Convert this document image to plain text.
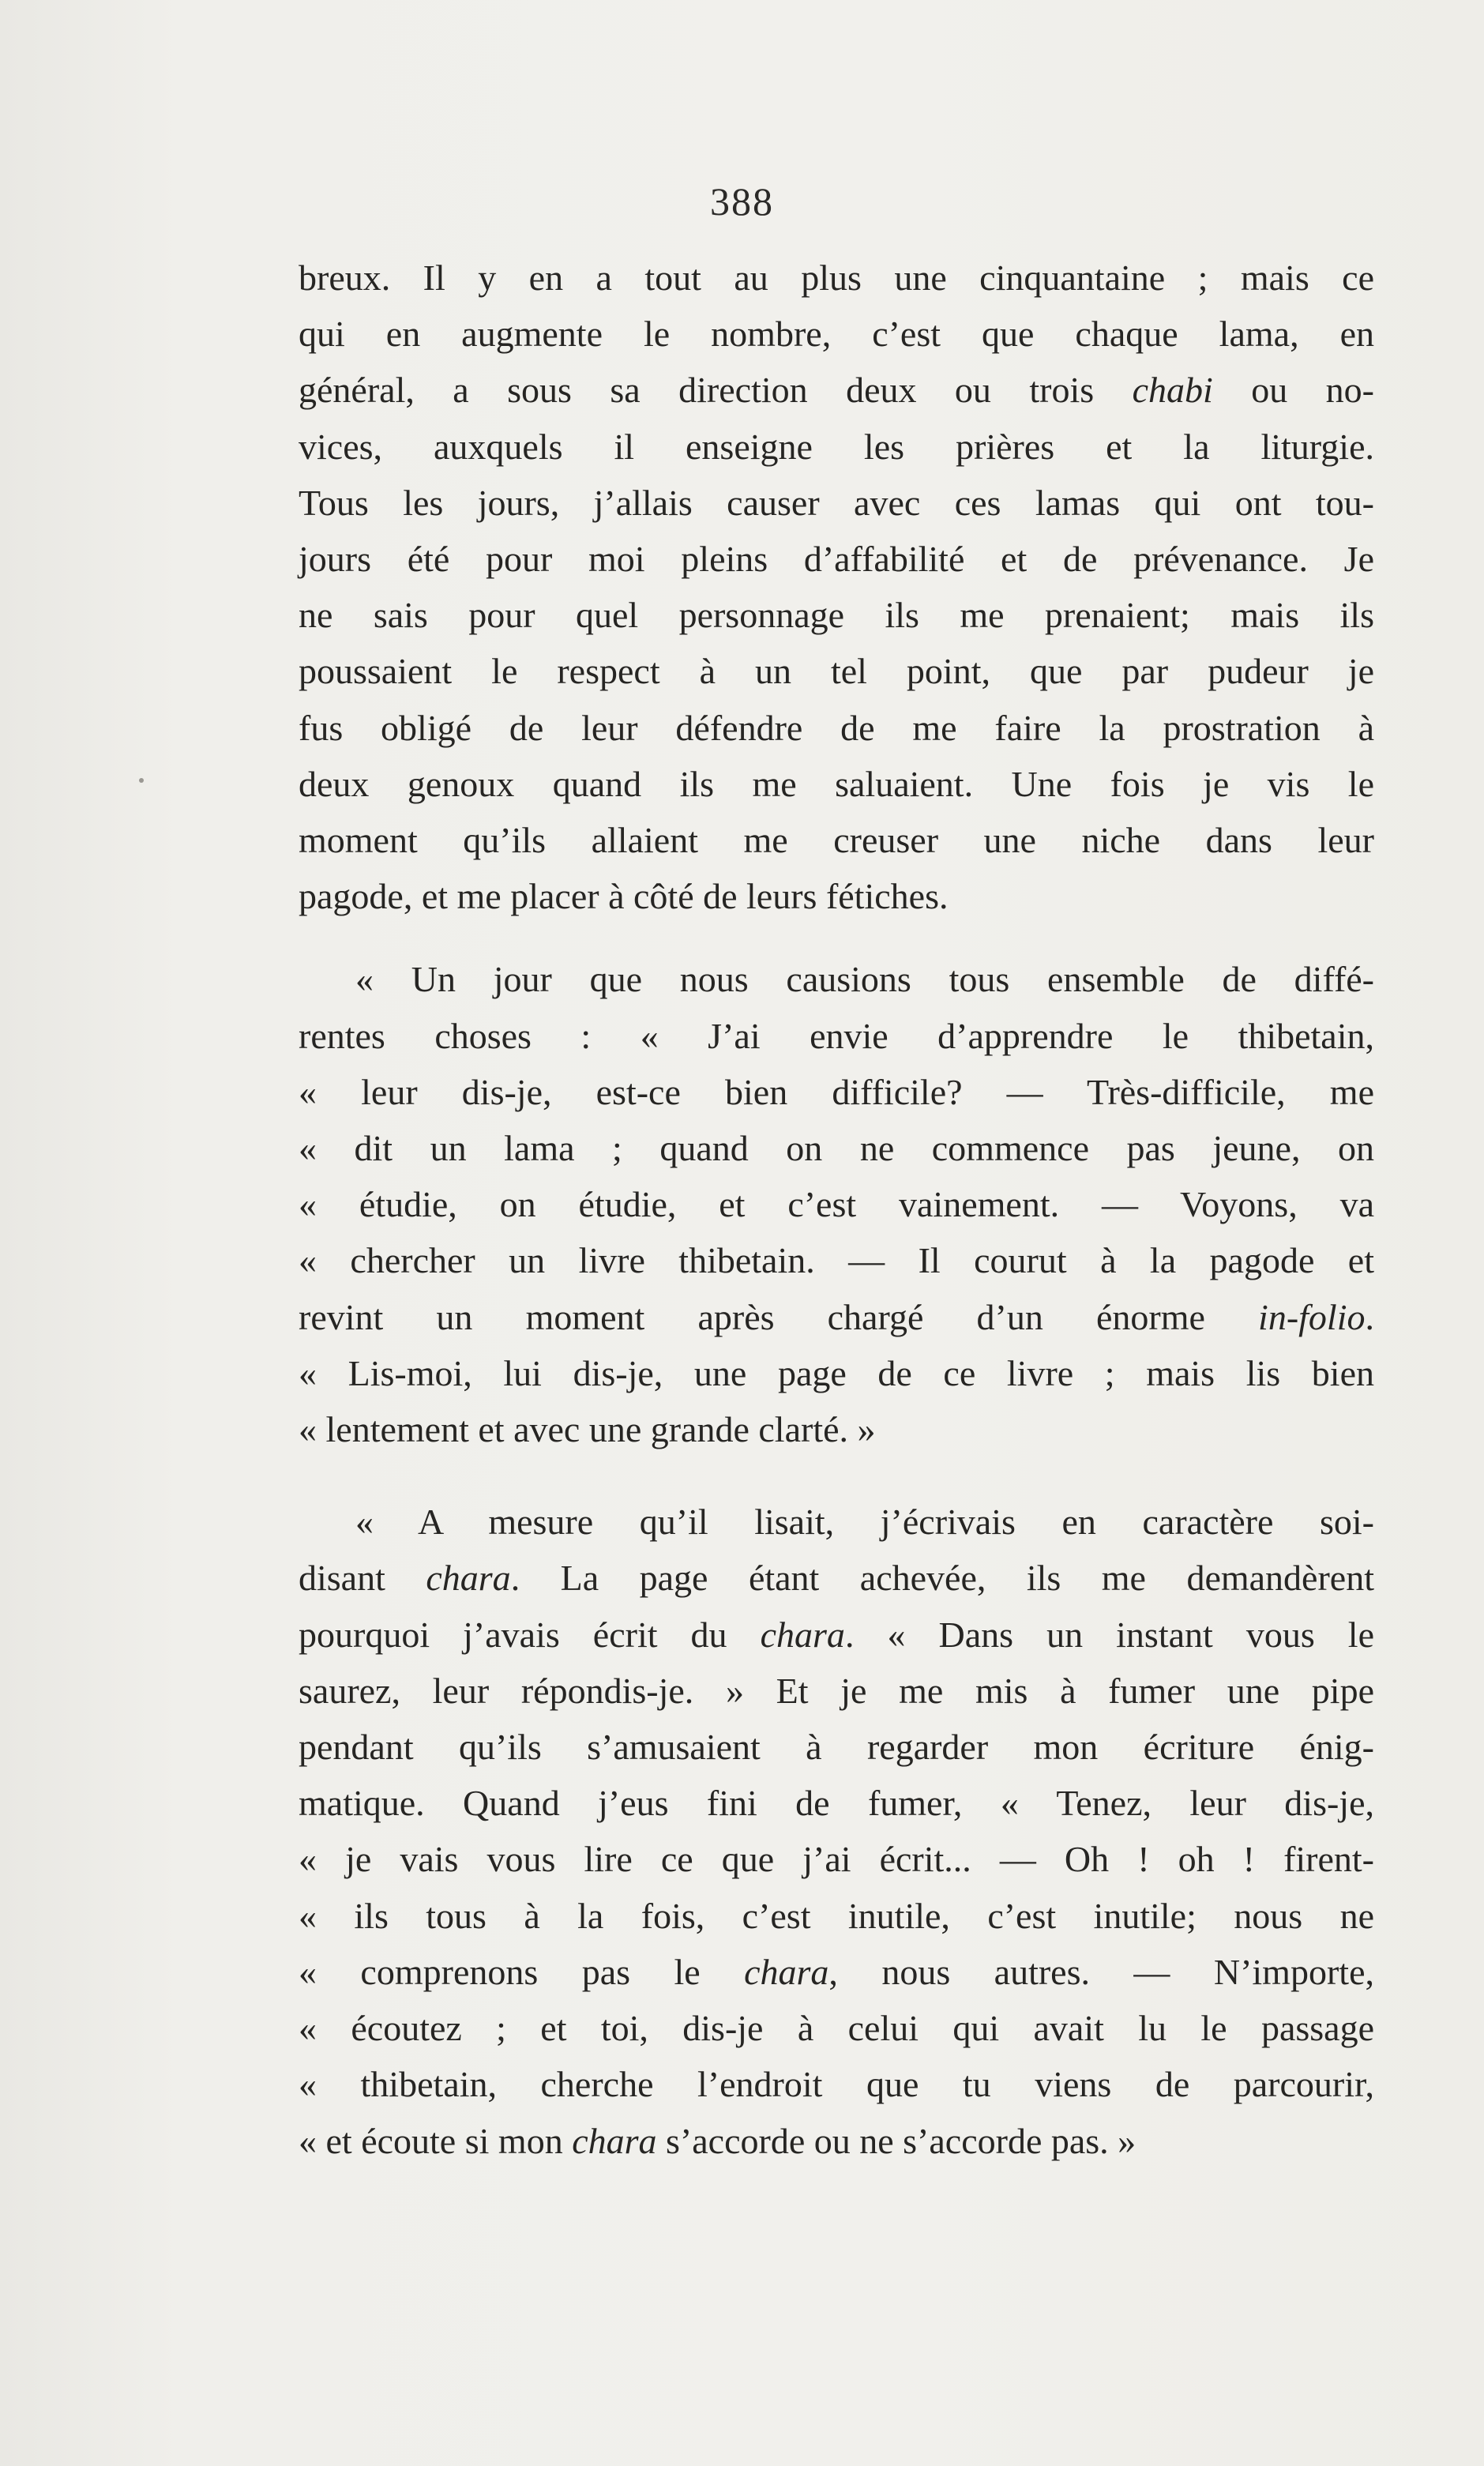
388

breux. Il y en a tout au plus une cinquantaine ; mais ce
qui en augmente le nombre, c’est que chaque lama, en
général, a sous sa direction deux ou trois chabi ou no-
vices, auxquels il enseigne les prières et la liturgie.
Tous les jours, j’allais causer avec ces lamas qui ont tou-
jours été pour moi pleins d’affabilité et de prévenance. Je
ne sais pour quel personnage ils me prenaient; mais ils
poussaient le respect à un tel point, que par pudeur je
fus obligé de leur défendre de me faire la prostration à
deux genoux quand ils me saluaient. Une fois je vis le
moment qu’ils allaient me creuser une niche dans leur
pagode, et me placer à côté de leurs fétiches.

« Un jour que nous causions tous ensemble de diffé-
rentes choses : « J’ai envie d’apprendre le thibetain,
« leur dis-je, est-ce bien difficile? — Très-difficile, me
« dit un lama ; quand on ne commence pas jeune, on
« étudie, on étudie, et c’est vainement. — Voyons, va
« chercher un livre thibetain. — Il courut à la pagode et
revint un moment après chargé d’un énorme in-folio.
« Lis-moi, lui dis-je, une page de ce livre ; mais lis bien
« lentement et avec une grande clarté. »

« A mesure qu’il lisait, j’écrivais en caractère soi-
disant chara. La page étant achevée, ils me demandèrent
pourquoi j’avais écrit du chara. « Dans un instant vous le
saurez, leur répondis-je. » Et je me mis à fumer une pipe
pendant qu’ils s’amusaient à regarder mon écriture énig-
matique. Quand j’eus fini de fumer, « Tenez, leur dis-je,
« je vais vous lire ce que j’ai écrit... — Oh ! oh ! firent-
« ils tous à la fois, c’est inutile, c’est inutile; nous ne
« comprenons pas le chara, nous autres. — N’importe,
« écoutez ; et toi, dis-je à celui qui avait lu le passage
« thibetain, cherche l’endroit que tu viens de parcourir,
« et écoute si mon chara s’accorde ou ne s’accorde pas. »
